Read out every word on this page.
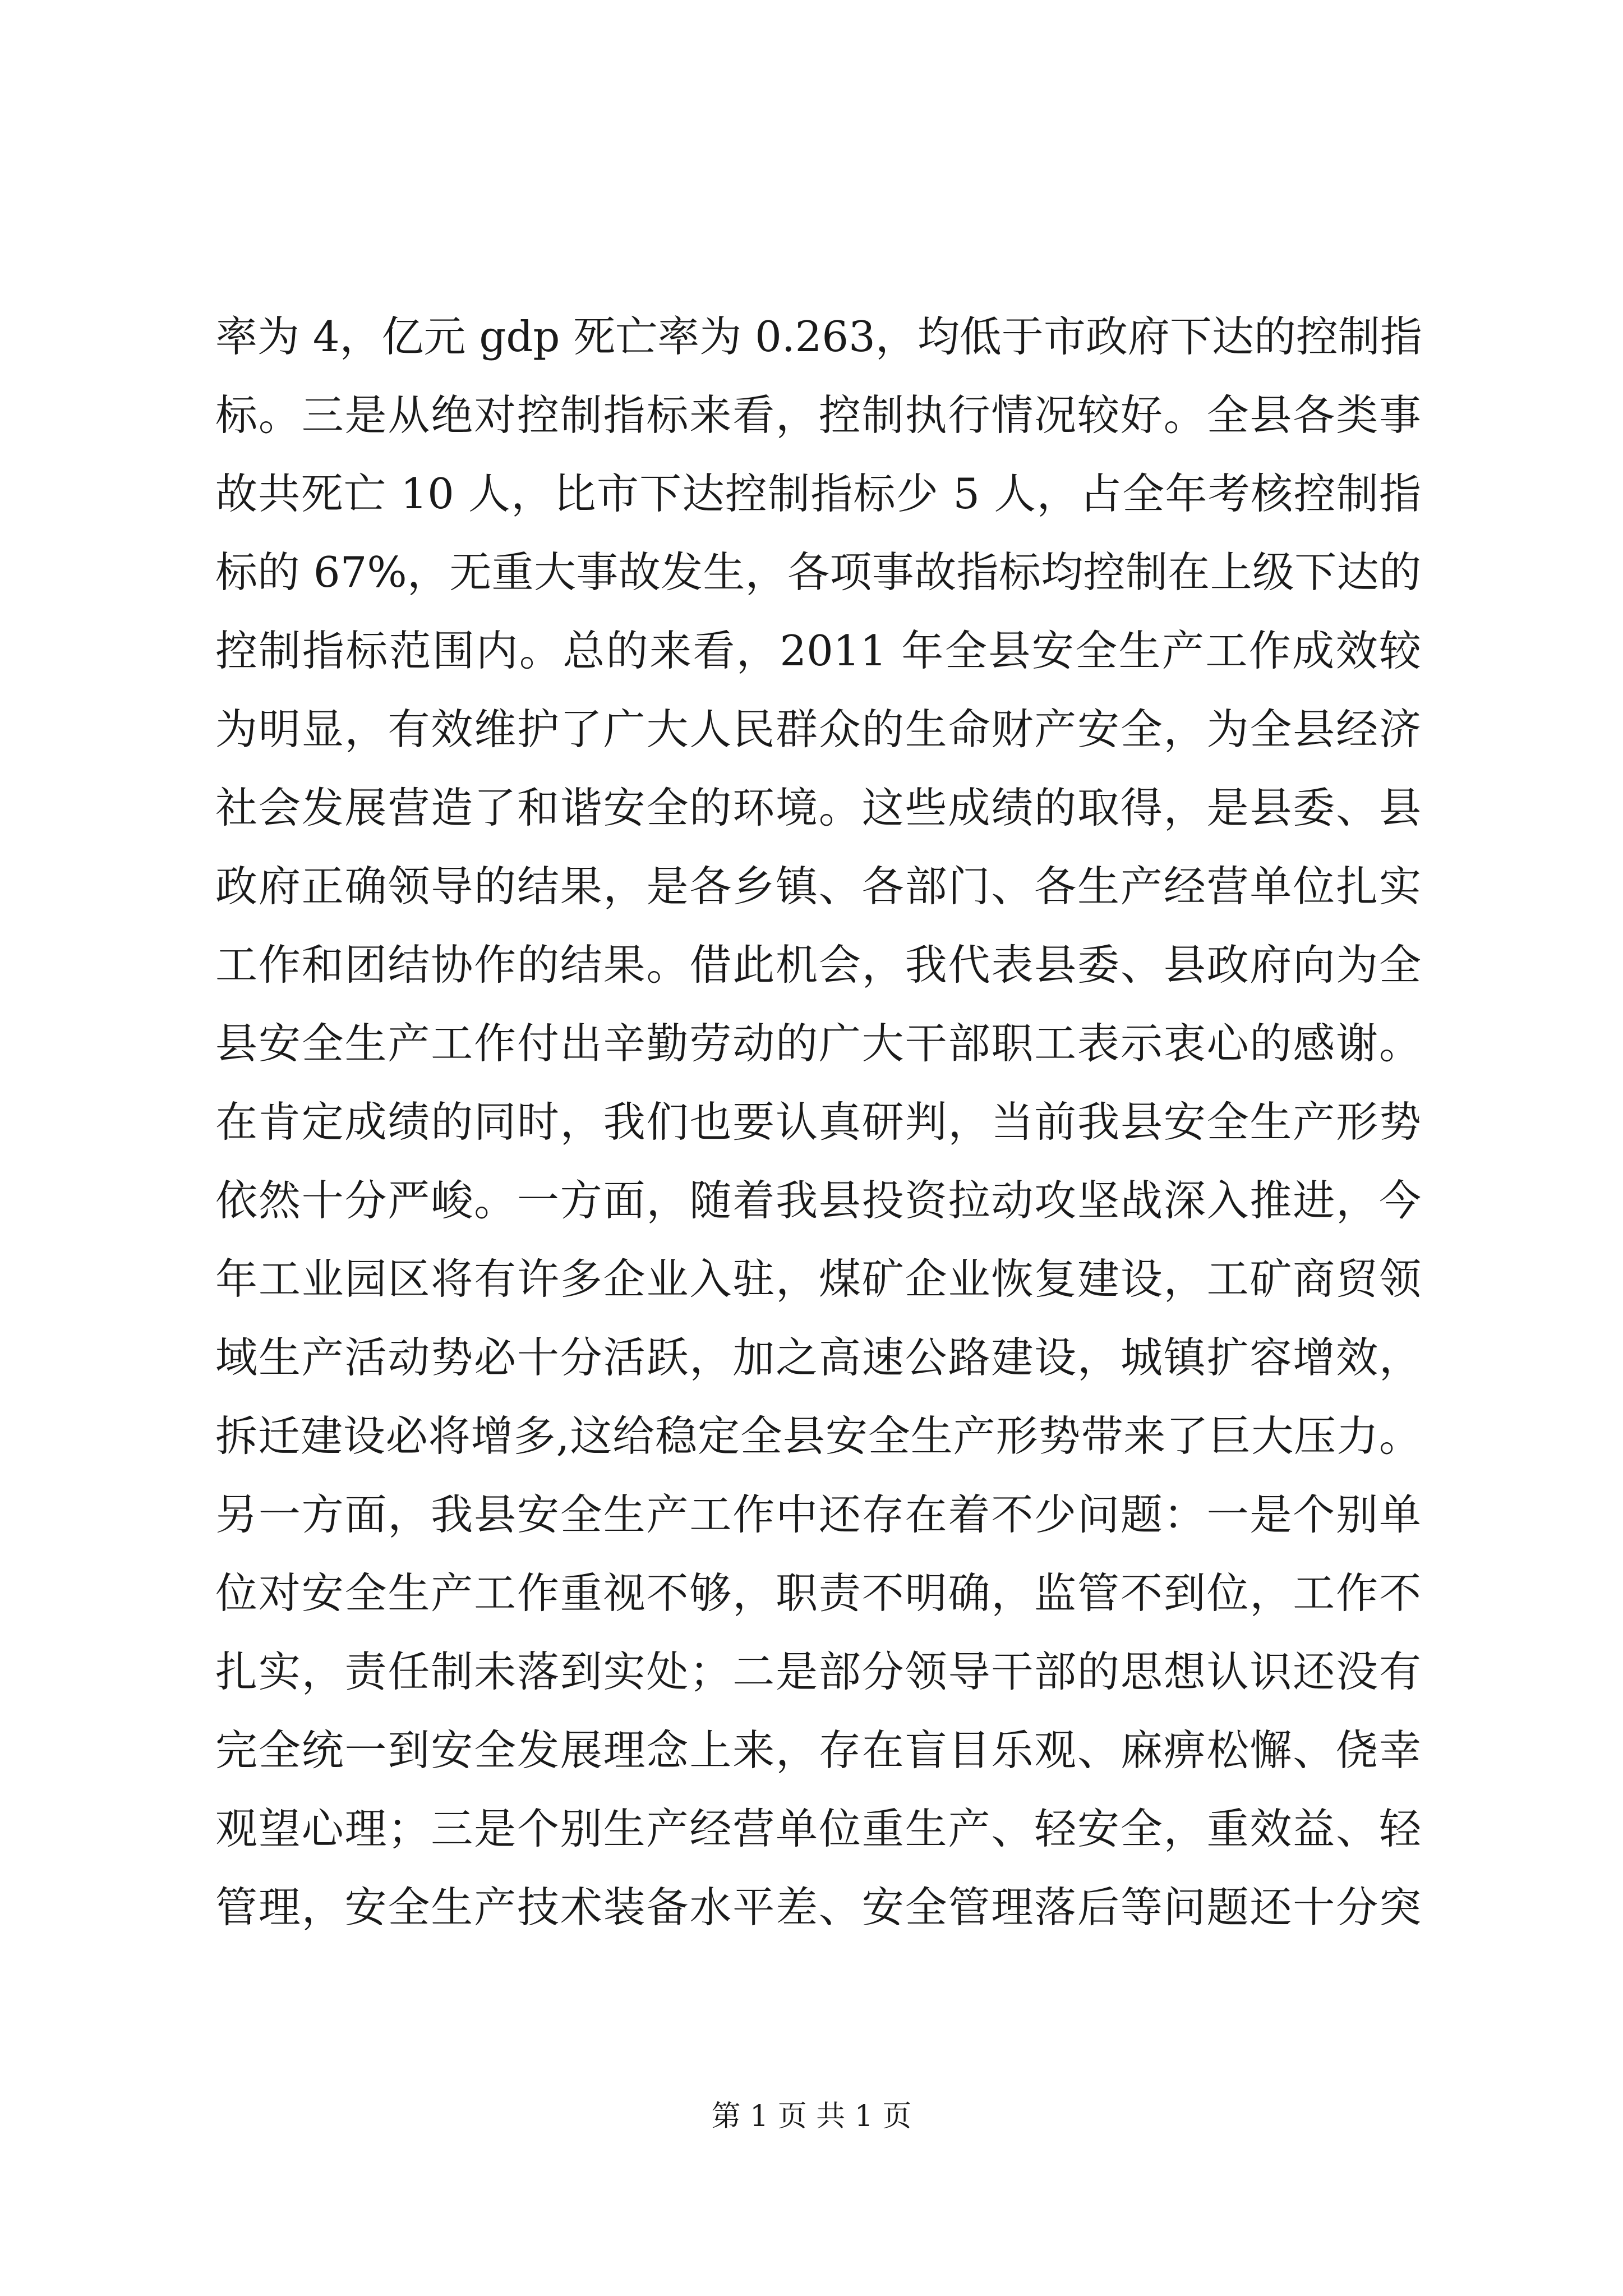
率为 4，亿元 gdp 死亡率为 0.263，均低于市政府下达的控制指
标。三是从绝对控制指标来看，控制执行情况较好。全县各类事
故共死亡 10 人，比市下达控制指标少 5 人，占全年考核控制指
标的 67%，无重大事故发生，各项事故指标均控制在上级下达的
控制指标范围内。总的来看，2011 年全县安全生产工作成效较
为明显，有效维护了广大人民群众的生命财产安全，为全县经济
社会发展营造了和谐安全的环境。这些成绩的取得，是县委、县
政府正确领导的结果，是各乡镇、各部门、各生产经营单位扎实
工作和团结协作的结果。借此机会，我代表县委、县政府向为全
县安全生产工作付出辛勤劳动的广大干部职工表示衷心的感谢。
在肯定成绩的同时，我们也要认真研判，当前我县安全生产形势
依然十分严峻。一方面，随着我县投资拉动攻坚战深入推进，今
年工业园区将有许多企业入驻，煤矿企业恢复建设，工矿商贸领
域生产活动势必十分活跃，加之高速公路建设，城镇扩容增效，
拆迁建设必将增多,这给稳定全县安全生产形势带来了巨大压力。
另一方面，我县安全生产工作中还存在着不少问题：一是个别单
位对安全生产工作重视不够，职责不明确，监管不到位，工作不
扎实，责任制未落到实处；二是部分领导干部的思想认识还没有
完全统一到安全发展理念上来，存在盲目乐观、麻痹松懈、侥幸
观望心理；三是个别生产经营单位重生产、轻安全，重效益、轻
管理，安全生产技术装备水平差、安全管理落后等问题还十分突
第 1 页 共 1 页
